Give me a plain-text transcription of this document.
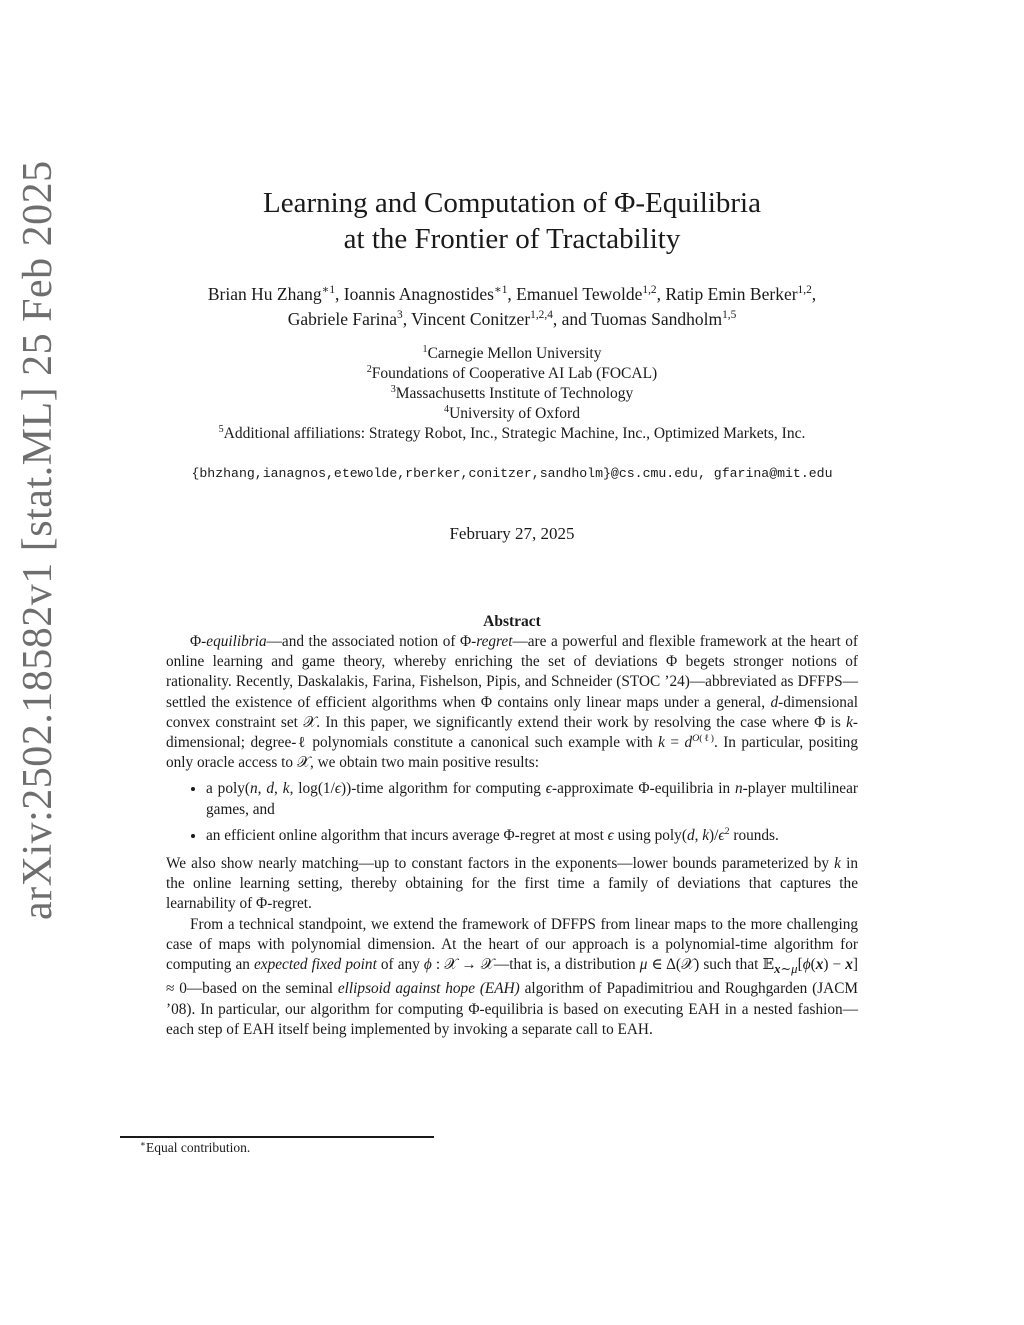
arXiv:2502.18582v1 [stat.ML] 25 Feb 2025	Learning and Computation of Φ-Equilibria
at the Frontier of Tractability
Brian Hu Zhang$^{∗1}$, Ioannis Anagnostides$^{∗1}$, Emanuel Tewolde$^{1,2}$, Ratip Emin Berker$^{1,2}$,
Gabriele Farina$^3$, Vincent Conitzer$^{1,2,4}$, and Tuomas Sandholm$^{1,5}$
$^1$Carnegie Mellon University
$^2$Foundations of Cooperative AI Lab (FOCAL)
$^3$Massachusetts Institute of Technology
$^4$University of Oxford
$^5$Additional affiliations: Strategy Robot, Inc., Strategic Machine, Inc., Optimized Markets, Inc.
{bhzhang,ianagnos,etewolde,rberker,conitzer,sandholm}@cs.cmu.edu, gfarina@mit.edu
February 27, 2025
Abstract

Φ-equilibria—and the associated notion of Φ-regret—are a powerful and flexible framework at the heart of online learning and game theory, whereby enriching the set of deviations Φ begets stronger notions of rationality. Recently, Daskalakis, Farina, Fishelson, Pipis, and Schneider (STOC ’24)—abbreviated as DFFPS—settled the existence of efficient algorithms when Φ contains only linear maps under a general, d-dimensional convex constraint set 𝒳. In this paper, we significantly extend their work by resolving the case where Φ is k-dimensional; degree-ℓ polynomials constitute a canonical such example with $k = d^{O(\ell)}$. In particular, positing only oracle access to 𝒳, we obtain two main positive results:

• a poly(n, d, k, log(1/ϵ))-time algorithm for computing ϵ-approximate Φ-equilibria in n-player multilinear games, and
• an efficient online algorithm that incurs average Φ-regret at most ϵ using poly(d, $k)/\epsilon^2$ rounds.

We also show nearly matching—up to constant factors in the exponents—lower bounds parameterized by k in the online learning setting, thereby obtaining for the first time a family of deviations that captures the learnability of Φ-regret.

From a technical standpoint, we extend the framework of DFFPS from linear maps to the more challenging case of maps with polynomial dimension. At the heart of our approach is a polynomial-time algorithm for computing an expected fixed point of any ϕ : 𝒳 → 𝒳—that is, a distribution μ ∈ Δ(𝒳) such that 𝔼$_{x\sim\mu}$[ϕ(x) − x] ≈ 0—based on the seminal ellipsoid against hope (EAH) algorithm of Papadimitriou and Roughgarden (JACM ’08). In particular, our algorithm for computing Φ-equilibria is based on executing EAH in a nested fashion—each step of EAH itself being implemented by invoking a separate call to EAH.

∗Equal contribution.
